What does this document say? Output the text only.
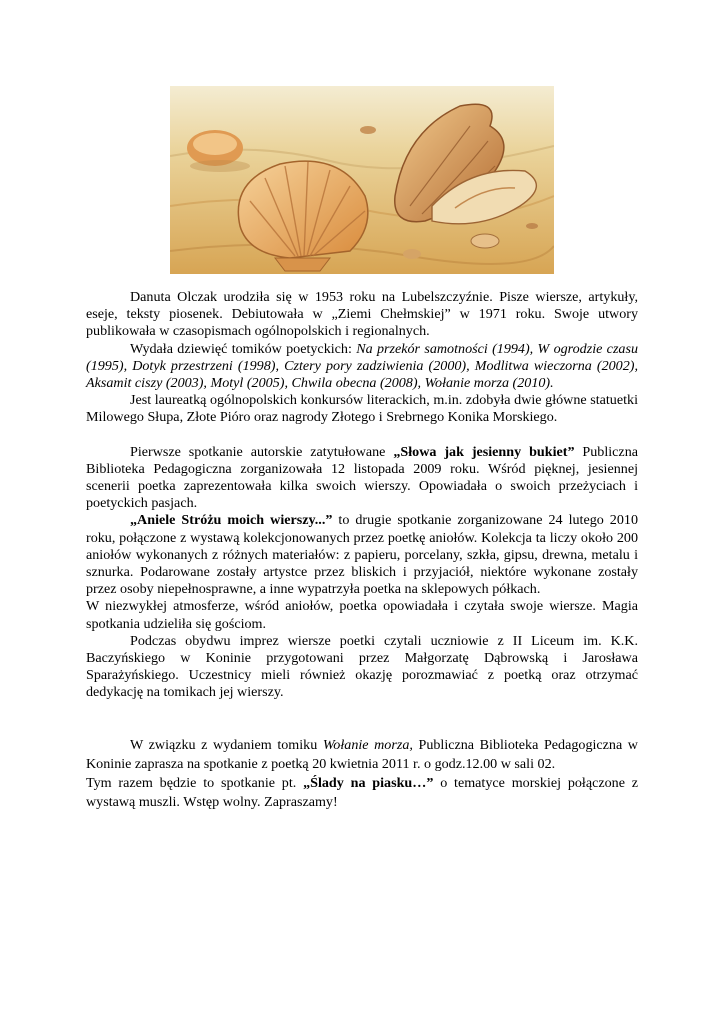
Danuta Olczak urodziła się w 1953 roku na Lubelszczyźnie. Pisze wiersze, artykuły, eseje, teksty piosenek. Debiutowała w „Ziemi Chełmskiej” w 1971 roku. Swoje utwory publikowała w czasopismach ogólnopolskich i regionalnych.

Wydała dziewięć tomików poetyckich: Na przekór samotności (1994), W ogrodzie czasu (1995), Dotyk przestrzeni (1998), Cztery pory zadziwienia (2000), Modlitwa wieczorna (2002), Aksamit ciszy (2003), Motyl (2005), Chwila obecna (2008), Wołanie morza (2010).

Jest laureatką ogólnopolskich konkursów literackich, m.in. zdobyła dwie główne statuetki Milowego Słupa, Złote Pióro oraz nagrody Złotego i Srebrnego Konika Morskiego.

Pierwsze spotkanie autorskie zatytułowane „Słowa jak jesienny bukiet” Publiczna Biblioteka Pedagogiczna zorganizowała 12 listopada 2009 roku. Wśród pięknej, jesiennej scenerii poetka zaprezentowała kilka swoich wierszy. Opowiadała o swoich przeżyciach i poetyckich pasjach.

„Aniele Stróżu moich wierszy...” to drugie spotkanie zorganizowane 24 lutego 2010 roku, połączone z wystawą kolekcjonowanych przez poetkę aniołów. Kolekcja ta liczy około 200 aniołów wykonanych z różnych materiałów: z papieru, porcelany, szkła, gipsu, drewna, metalu i sznurka. Podarowane zostały artystce przez bliskich i przyjaciół, niektóre wykonane zostały przez osoby niepełnosprawne, a inne wypatrzyła poetka na sklepowych półkach.

W niezwykłej atmosferze, wśród aniołów, poetka opowiadała i czytała swoje wiersze. Magia spotkania udzieliła się gościom.

Podczas obydwu imprez wiersze poetki czytali uczniowie z II Liceum im. K.K. Baczyńskiego w Koninie przygotowani przez Małgorzatę Dąbrowską i Jarosława Sparażyńskiego. Uczestnicy mieli również okazję porozmawiać z poetką oraz otrzymać dedykację na tomikach jej wierszy.

W związku z wydaniem tomiku Wołanie morza, Publiczna Biblioteka Pedagogiczna w Koninie zaprasza na spotkanie z poetką 20 kwietnia 2011 r. o godz.12.00 w sali 02.

Tym razem będzie to spotkanie pt. „Ślady na piasku…” o tematyce morskiej połączone z wystawą muszli. Wstęp wolny. Zapraszamy!
